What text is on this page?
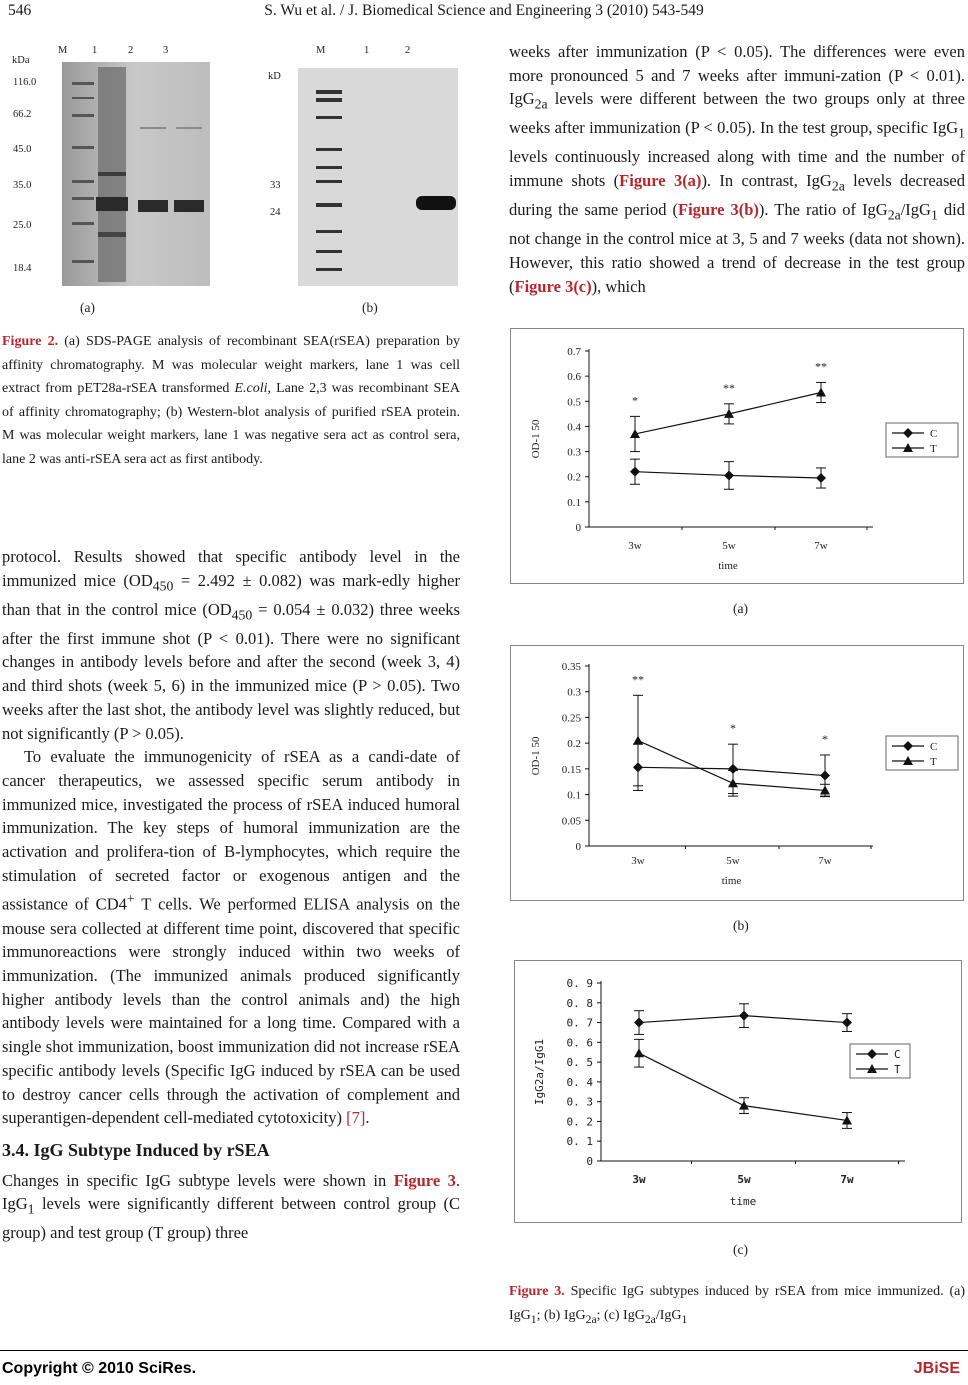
546	S. Wu et al. / J. Biomedical Science and Engineering 3 (2010) 543-549
kDa
M 1	2	3
116.0
66.2
45.0
35.0
25.0
18.4
(a)
kD
M	1	2
33
24
(b)
Figure 2. (a) SDS-PAGE analysis of recombinant SEA(rSEA) preparation by affinity chromatography. M was molecular weight markers, lane 1 was cell extract from pET28a-rSEA transformed E.coli, Lane 2,3 was recombinant SEA of affinity chromatography; (b) Western-blot analysis of purified rSEA protein. M was molecular weight markers, lane 1 was negative sera act as control sera, lane 2 was anti-rSEA sera act as first antibody.

protocol. Results showed that specific antibody level in the immunized mice $(OD_{450} = 2.492 \pm 0.082)$ was mark-edly higher than that in the control mice $(OD_{450} = 0.054 \pm 0.032)$ three weeks after the first immune shot (P < 0.01). There were no significant changes in antibody levels before and after the second (week 3, 4) and third shots (week 5, 6) in the immunized mice (P > 0.05). Two weeks after the last shot, the antibody level was slightly reduced, but not significantly (P > 0.05).

To evaluate the immunogenicity of rSEA as a candi-date of cancer therapeutics, we assessed specific serum antibody in immunized mice, investigated the process of rSEA induced humoral immunization. The key steps of humoral immunization are the activation and prolifera-tion of B-lymphocytes, which require the stimulation of secreted factor or exogenous antigen and the assistance of CD4+ T cells. We performed ELISA analysis on the mouse sera collected at different time point, discovered that specific immunoreactions were strongly induced within two weeks of immunization. (The immunized animals produced significantly higher antibody levels than the control animals and) the high antibody levels were maintained for a long time. Compared with a single shot immunization, boost immunization did not increase rSEA specific antibody levels (Specific IgG induced by rSEA can be used to destroy cancer cells through the activation of complement and superantigen-dependent cell-mediated cytotoxicity) [7].

3.4. IgG Subtype Induced by rSEA

Changes in specific IgG subtype levels were shown in Figure 3. IgG$_1$ levels were significantly different between control group (C group) and test group (T group) three

weeks after immunization (P < 0.05). The differences were even more pronounced 5 and 7 weeks after immuni-zation (P < 0.01). IgG$_{2a}$ levels were different between the two groups only at three weeks after immunization (P < 0.05). In the test group, specific IgG$_1$ levels continuously increased along with time and the number of immune shots (Figure 3(a)). In contrast, IgG$_{2a}$ levels decreased during the same period (Figure 3(b)). The ratio of IgG$_{2a}$/IgG$_1$ did not change in the control mice at 3, 5 and 7 weeks (data not shown). However, this ratio showed a trend of decrease in the test group (Figure 3(c)), which

0
0.1
0.2
0.3
0.4
0.5
0.6
0.7
3w	5w	7w
time
OD-1 50
*
**
**
C
T
(a)
0
0.05
0.1
0.15
0.2
0.25
0.3
0.35
3w	5w	7w
time
OD-1 50
**
*
*
C
T
(b)
0
0. 1
0. 2
0. 3
0. 4
0. 5
0. 6
0. 7
0. 8
0. 9
3w	5w	7w
time
IgG2a/IgG1	C
T
(c)
Figure 3. Specific IgG subtypes induced by rSEA from mice immunized. (a) IgG$_1$; (b) IgG$_{2a}$; (c) IgG$_{2a}$/IgG$_1$
Copyright © 2010 SciRes.	JBiSE
